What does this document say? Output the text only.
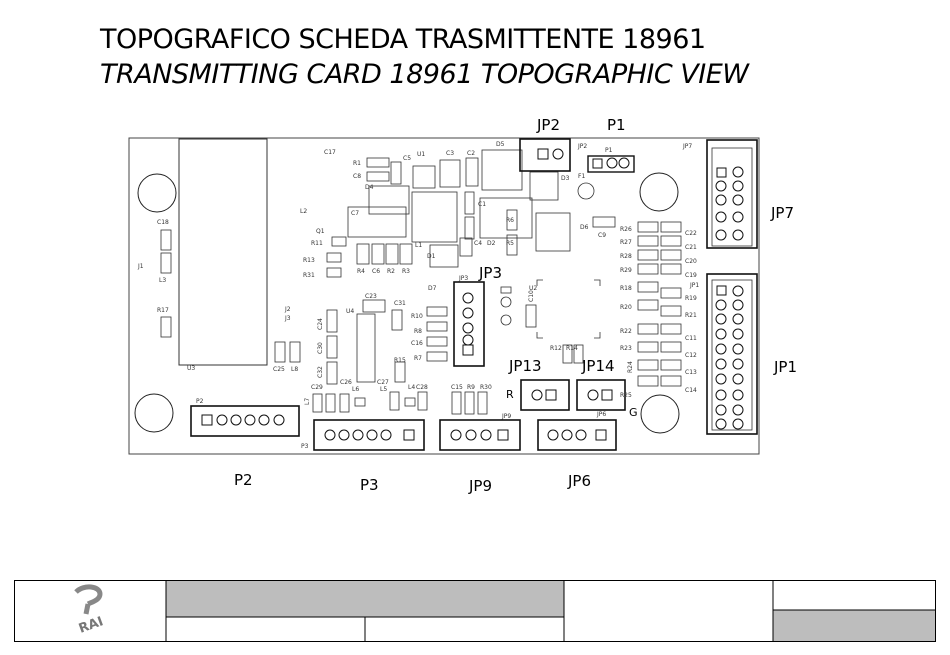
TOPOGRAFICO SCHEDA TRASMITTENTE 18961
TRANSMITTING CARD 18961 TOPOGRAPHIC VIEW
C17
R1
C8
C5
U1	C3 C2
D5	JP2
P1
JP7
D4
C1
D3 F1
L2	C7
Q1
R11
R13
R31
R4 C6 R2 R3
L1
D1
C4 D2
R6
R5
D6
C9
R26
R27
R28
R29
C22
C21
C20
C19
C18
J1
L3
R17
U3
J2
J3
C23
U4
C25 L8
C31
D7
R10
R8
C16
R7
JP3
U2
R12 R14
JP1
R18
R20
R22
R23
R25
R19
R21
C11
C12
C13
C14
R15
C29
C26
L6
C27
L5	L4 C28	C15 R9 R30
JP9	JP6
P2
P3
C24
C30
C32
L7
C10
R24
R
G
JP2	P1
JP7
JP3
JP1
JP13	JP14
P2	P3	JP9	JP6
RAI
